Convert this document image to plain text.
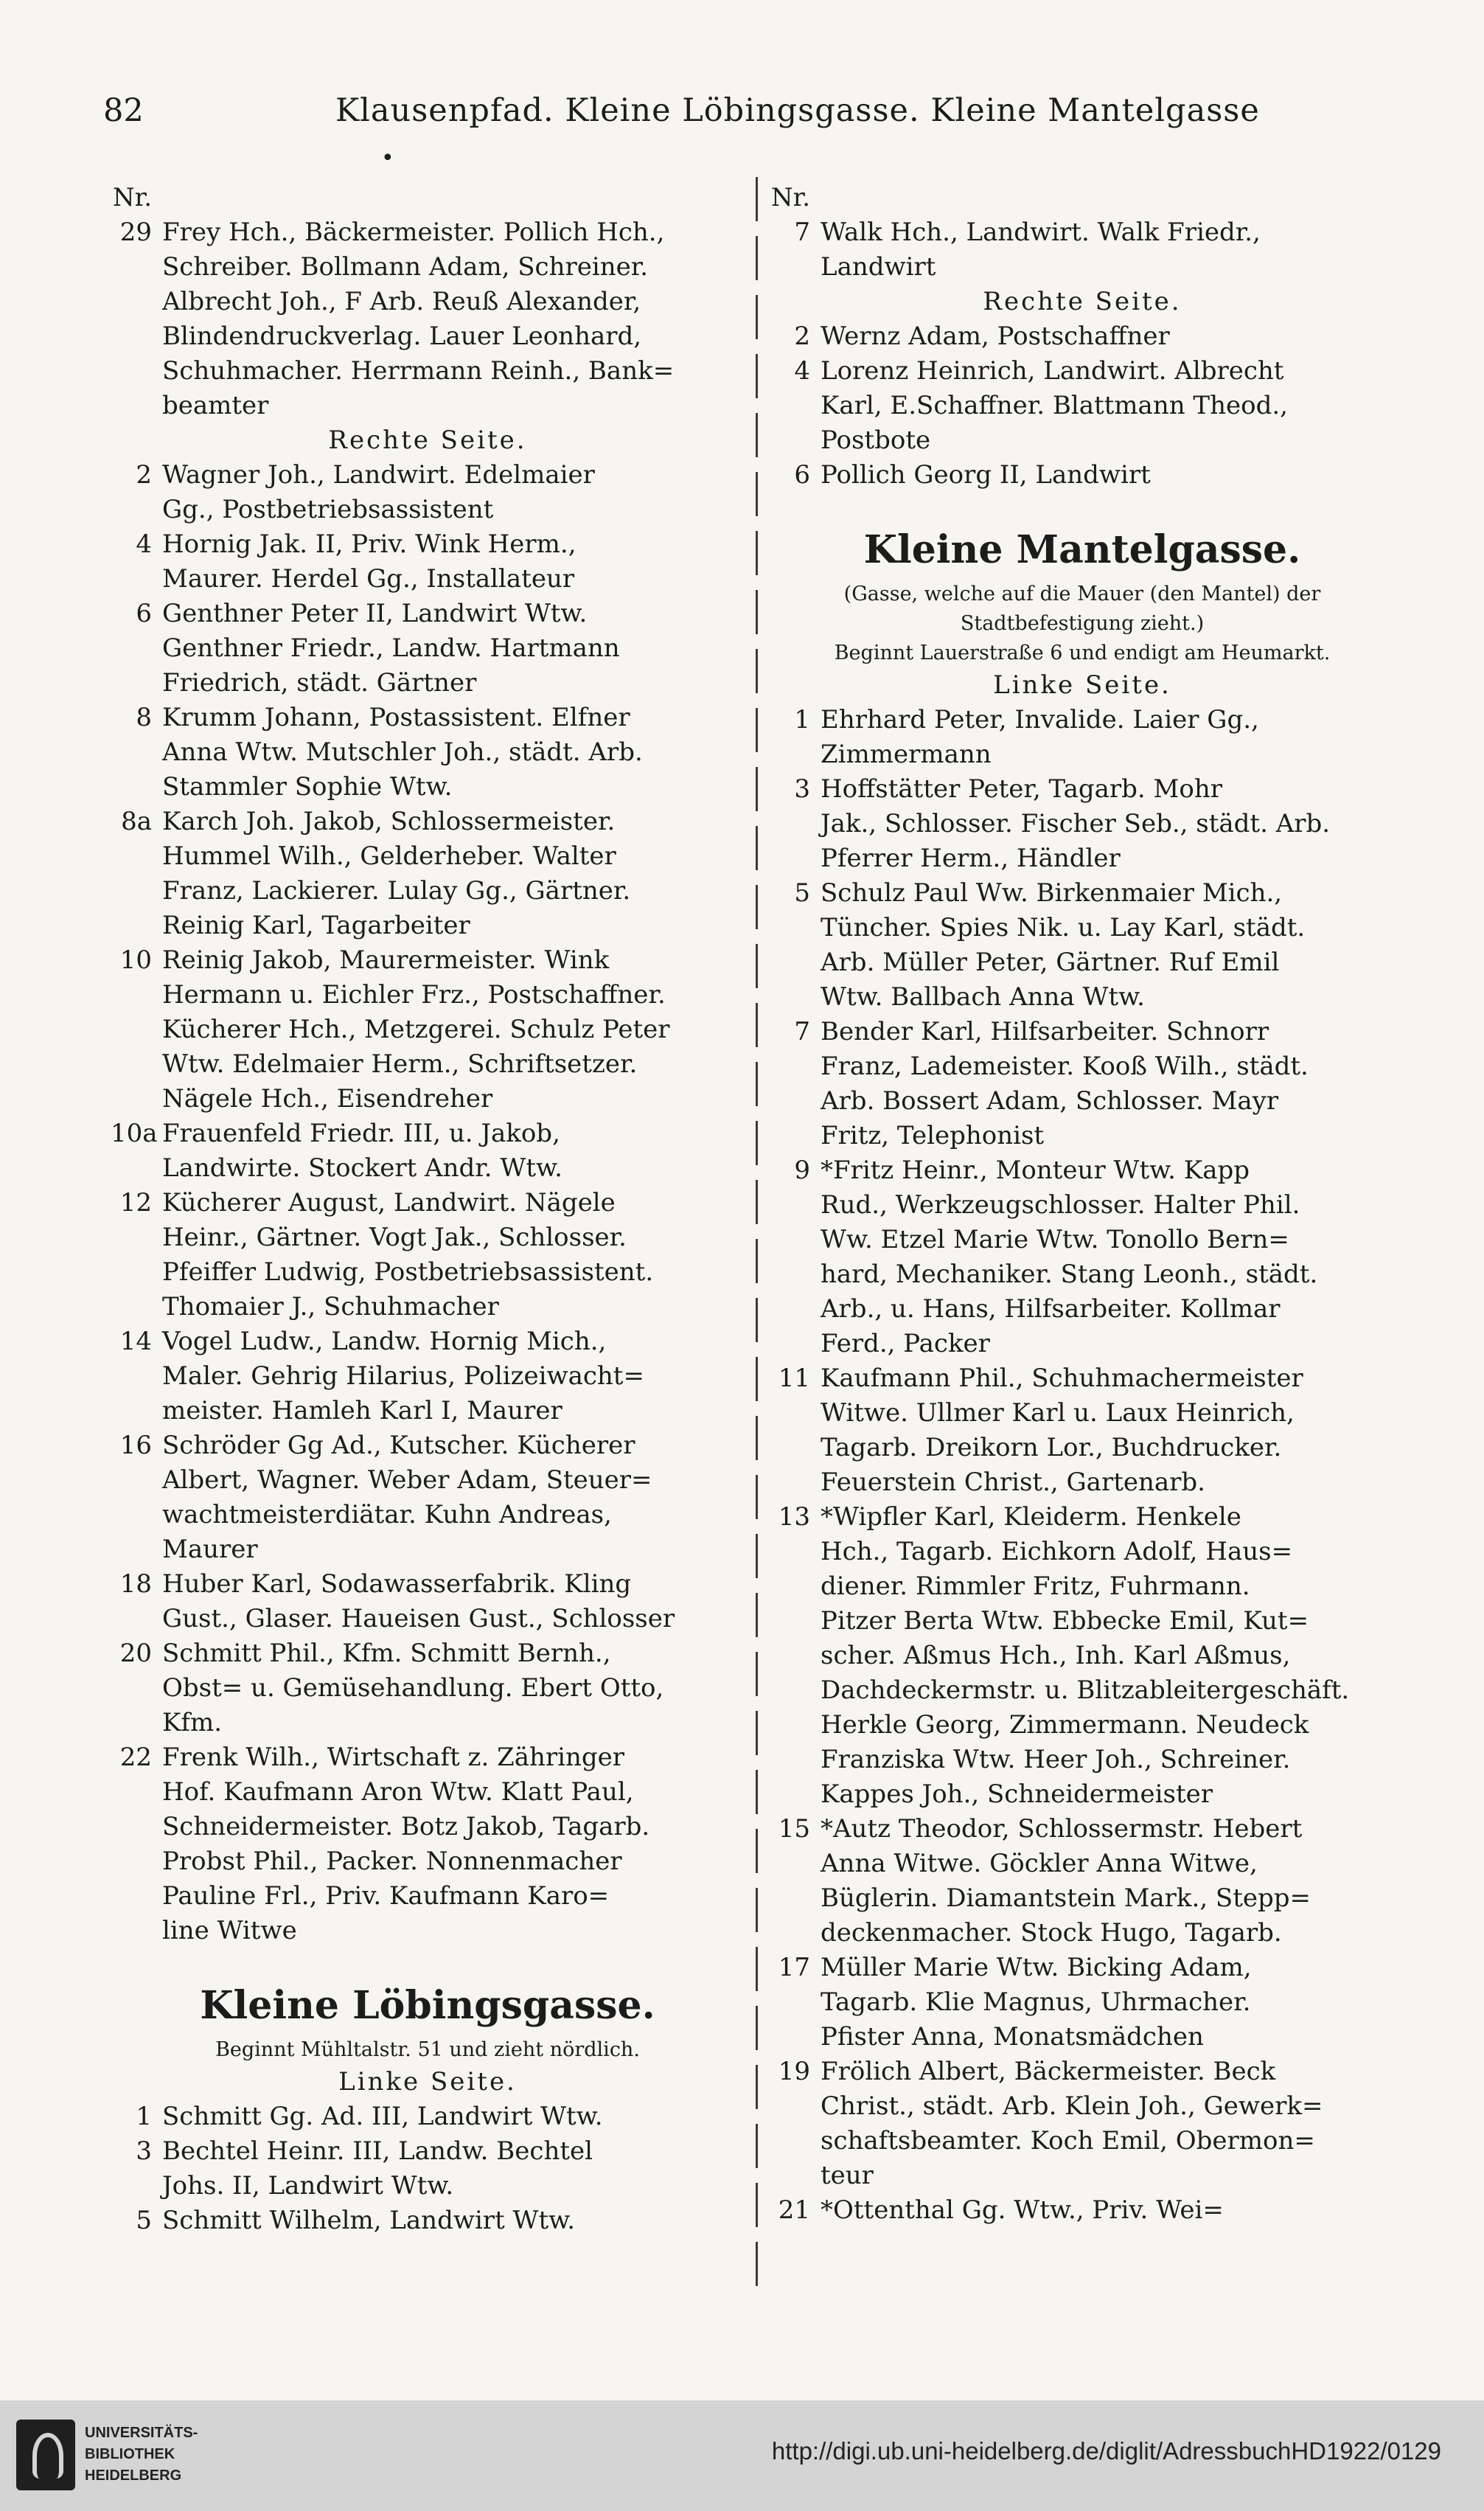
82	Klausenpfad. Kleine Löbingsgasse. Kleine Mantelgasse
•
Nr.
29 Frey Hch., Bäckermeister. Pollich Hch.,
Schreiber. Bollmann Adam, Schreiner.
Albrecht Joh., F Arb. Reuß Alexander,
Blindendruckverlag. Lauer Leonhard,
Schuhmacher. Herrmann Reinh., Bank=
beamter
Rechte Seite.
2 Wagner Joh., Landwirt. Edelmaier
Gg., Postbetriebsassistent
4 Hornig Jak. II, Priv. Wink Herm.,
Maurer. Herdel Gg., Installateur
6 Genthner Peter II, Landwirt Wtw.
Genthner Friedr., Landw. Hartmann
Friedrich, städt. Gärtner
8 Krumm Johann, Postassistent. Elfner
Anna Wtw. Mutschler Joh., städt. Arb.
Stammler Sophie Wtw.
8a Karch Joh. Jakob, Schlossermeister.
Hummel Wilh., Gelderheber. Walter
Franz, Lackierer. Lulay Gg., Gärtner.
Reinig Karl, Tagarbeiter
10 Reinig Jakob, Maurermeister. Wink
Hermann u. Eichler Frz., Postschaffner.
Kücherer Hch., Metzgerei. Schulz Peter
Wtw. Edelmaier Herm., Schriftsetzer.
Nägele Hch., Eisendreher
10a Frauenfeld Friedr. III, u. Jakob,
Landwirte. Stockert Andr. Wtw.
12 Kücherer August, Landwirt. Nägele
Heinr., Gärtner. Vogt Jak., Schlosser.
Pfeiffer Ludwig, Postbetriebsassistent.
Thomaier J., Schuhmacher
14 Vogel Ludw., Landw. Hornig Mich.,
Maler. Gehrig Hilarius, Polizeiwacht=
meister. Hamleh Karl I, Maurer
16 Schröder Gg Ad., Kutscher. Kücherer
Albert, Wagner. Weber Adam, Steuer=
wachtmeisterdiätar. Kuhn Andreas,
Maurer
18 Huber Karl, Sodawasserfabrik. Kling
Gust., Glaser. Haueisen Gust., Schlosser
20 Schmitt Phil., Kfm. Schmitt Bernh.,
Obst= u. Gemüsehandlung. Ebert Otto,
Kfm.
22 Frenk Wilh., Wirtschaft z. Zähringer
Hof. Kaufmann Aron Wtw. Klatt Paul,
Schneidermeister. Botz Jakob, Tagarb.
Probst Phil., Packer. Nonnenmacher
Pauline Frl., Priv. Kaufmann Karo=
line Witwe
Kleine Löbingsgasse.
Beginnt Mühltalstr. 51 und zieht nördlich.
Linke Seite.
1 Schmitt Gg. Ad. III, Landwirt Wtw.
3 Bechtel Heinr. III, Landw. Bechtel
Johs. II, Landwirt Wtw.
5 Schmitt Wilhelm, Landwirt Wtw.
Nr.
7 Walk Hch., Landwirt. Walk Friedr.,
Landwirt
Rechte Seite.
2 Wernz Adam, Postschaffner
4 Lorenz Heinrich, Landwirt. Albrecht
Karl, E.Schaffner. Blattmann Theod.,
Postbote
6 Pollich Georg II, Landwirt
Kleine Mantelgasse.
(Gasse, welche auf die Mauer (den Mantel) der
Stadtbefestigung zieht.)
Beginnt Lauerstraße 6 und endigt am Heumarkt.
Linke Seite.
1 Ehrhard Peter, Invalide. Laier Gg.,
Zimmermann
3 Hoffstätter Peter, Tagarb. Mohr
Jak., Schlosser. Fischer Seb., städt. Arb.
Pferrer Herm., Händler
5 Schulz Paul Ww. Birkenmaier Mich.,
Tüncher. Spies Nik. u. Lay Karl, städt.
Arb. Müller Peter, Gärtner. Ruf Emil
Wtw. Ballbach Anna Wtw.
7 Bender Karl, Hilfsarbeiter. Schnorr
Franz, Lademeister. Kooß Wilh., städt.
Arb. Bossert Adam, Schlosser. Mayr
Fritz, Telephonist
9 *Fritz Heinr., Monteur Wtw. Kapp
Rud., Werkzeugschlosser. Halter Phil.
Ww. Etzel Marie Wtw. Tonollo Bern=
hard, Mechaniker. Stang Leonh., städt.
Arb., u. Hans, Hilfsarbeiter. Kollmar
Ferd., Packer
11 Kaufmann Phil., Schuhmachermeister
Witwe. Ullmer Karl u. Laux Heinrich,
Tagarb. Dreikorn Lor., Buchdrucker.
Feuerstein Christ., Gartenarb.
13 *Wipfler Karl, Kleiderm. Henkele
Hch., Tagarb. Eichkorn Adolf, Haus=
diener. Rimmler Fritz, Fuhrmann.
Pitzer Berta Wtw. Ebbecke Emil, Kut=
scher. Aßmus Hch., Inh. Karl Aßmus,
Dachdeckermstr. u. Blitzableitergeschäft.
Herkle Georg, Zimmermann. Neudeck
Franziska Wtw. Heer Joh., Schreiner.
Kappes Joh., Schneidermeister
15 *Autz Theodor, Schlossermstr. Hebert
Anna Witwe. Göckler Anna Witwe,
Büglerin. Diamantstein Mark., Stepp=
deckenmacher. Stock Hugo, Tagarb.
17 Müller Marie Wtw. Bicking Adam,
Tagarb. Klie Magnus, Uhrmacher.
Pfister Anna, Monatsmädchen
19 Frölich Albert, Bäckermeister. Beck
Christ., städt. Arb. Klein Joh., Gewerk=
schaftsbeamter. Koch Emil, Obermon=
teur
21 *Ottenthal Gg. Wtw., Priv. Wei=
UNIVERSITÄTS-
BIBLIOTHEK
HEIDELBERG
http://digi.ub.uni-heidelberg.de/diglit/AdressbuchHD1922/0129
